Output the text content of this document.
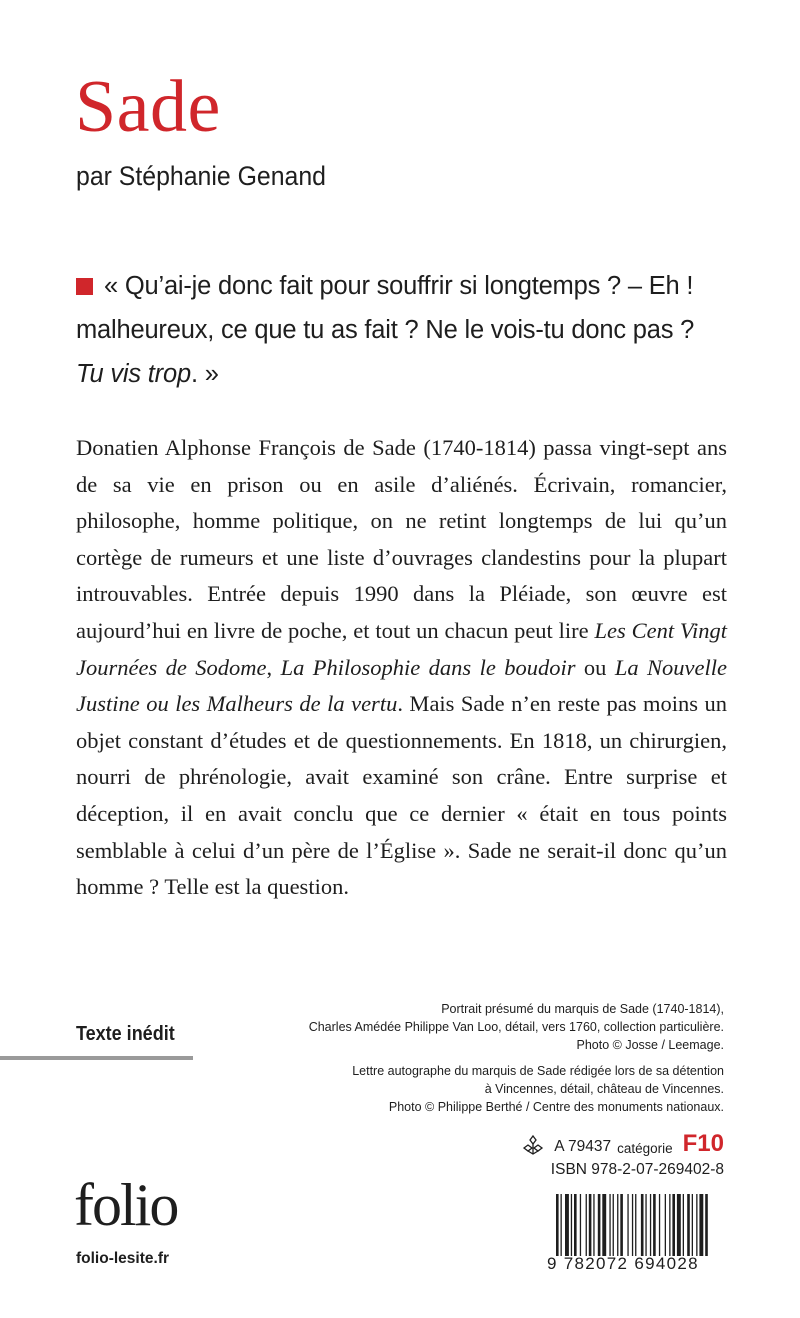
Sade
par Stéphanie Genand
« Qu’ai-je donc fait pour souffrir si longtemps ? – Eh !
malheureux, ce que tu as fait ? Ne le vois-tu donc pas ?
Tu vis trop. »

Donatien Alphonse François de Sade (1740-1814) passa vingt-sept ans de sa vie en prison ou en asile d’aliénés. Écrivain, romancier, philosophe, homme politique, on ne retint longtemps de lui qu’un cortège de rumeurs et une liste d’ouvrages clandestins pour la plupart introuvables. Entrée depuis 1990 dans la Pléiade, son œuvre est aujourd’hui en livre de poche, et tout un chacun peut lire Les Cent Vingt Journées de Sodome, La Philosophie dans le boudoir ou La Nouvelle Justine ou les Malheurs de la vertu. Mais Sade n’en reste pas moins un objet constant d’études et de questionnements. En 1818, un chirurgien, nourri de phrénologie, avait examiné son crâne. Entre surprise et déception, il en avait conclu que ce dernier « était en tous points semblable à celui d’un père de l’Église ». Sade ne serait-il donc qu’un homme ? Telle est la question.

Portrait présumé du marquis de Sade (1740-1814),
Charles Amédée Philippe Van Loo, détail, vers 1760, collection particulière.
Photo © Josse / Leemage.
Lettre autographe du marquis de Sade rédigée lors de sa détention
à Vincennes, détail, château de Vincennes.
Photo © Philippe Berthé / Centre des monuments nationaux.
Texte inédit
A 79437 catégorie F10
ISBN 978-2-07-269402-8
folio
folio-lesite.fr	9 782072 694028
